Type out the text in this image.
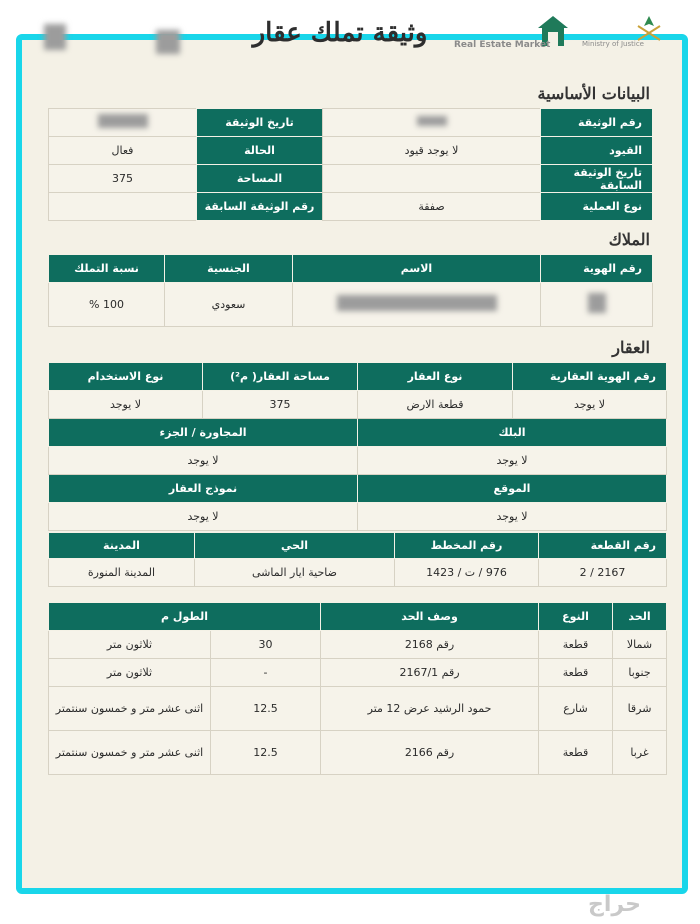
وثيقة تملك عقار	Real Estate Market	Ministry of Justice
البيانات الأساسية
رقم الوثيقة		تاريخ الوثيقة	
القيود	لا يوجد قيود	الحالة	فعال
تاريخ الوثيقة السابقة		المساحة	375
نوع العملية	صفقة	رقم الوثيقة السابقة	
الملاك
رقم الهوية	الاسم	الجنسية	نسبة التملك
		سعودي	100 %
العقار
رقم الهوية العقارية	نوع العقار	مساحة العقار( م²)	نوع الاستخدام
لا يوجد	قطعة الارض	375	لا يوجد
البلك		المجاورة / الجزء	
لا يوجد		لا يوجد	
الموقع		نموذج العقار	
لا يوجد		لا يوجد	
رقم القطعة	رقم المخطط	الحي	المدينة
2167 / 2	976 / ت / 1423	ضاحية ايار الماشى	المدينة المنورة
الحد	النوع	وصف الحد	الطول م	
شمالا	قطعة	رقم 2168	30	ثلاثون متر
جنوبا	قطعة	رقم 2167/1	-	ثلاثون متر
شرقا	شارع	حمود الرشيد عرض 12 متر	12.5	اثنى عشر متر و خمسون سنتمتر
غربا	قطعة	رقم 2166	12.5	اثنى عشر متر و خمسون سنتمتر
حراج
